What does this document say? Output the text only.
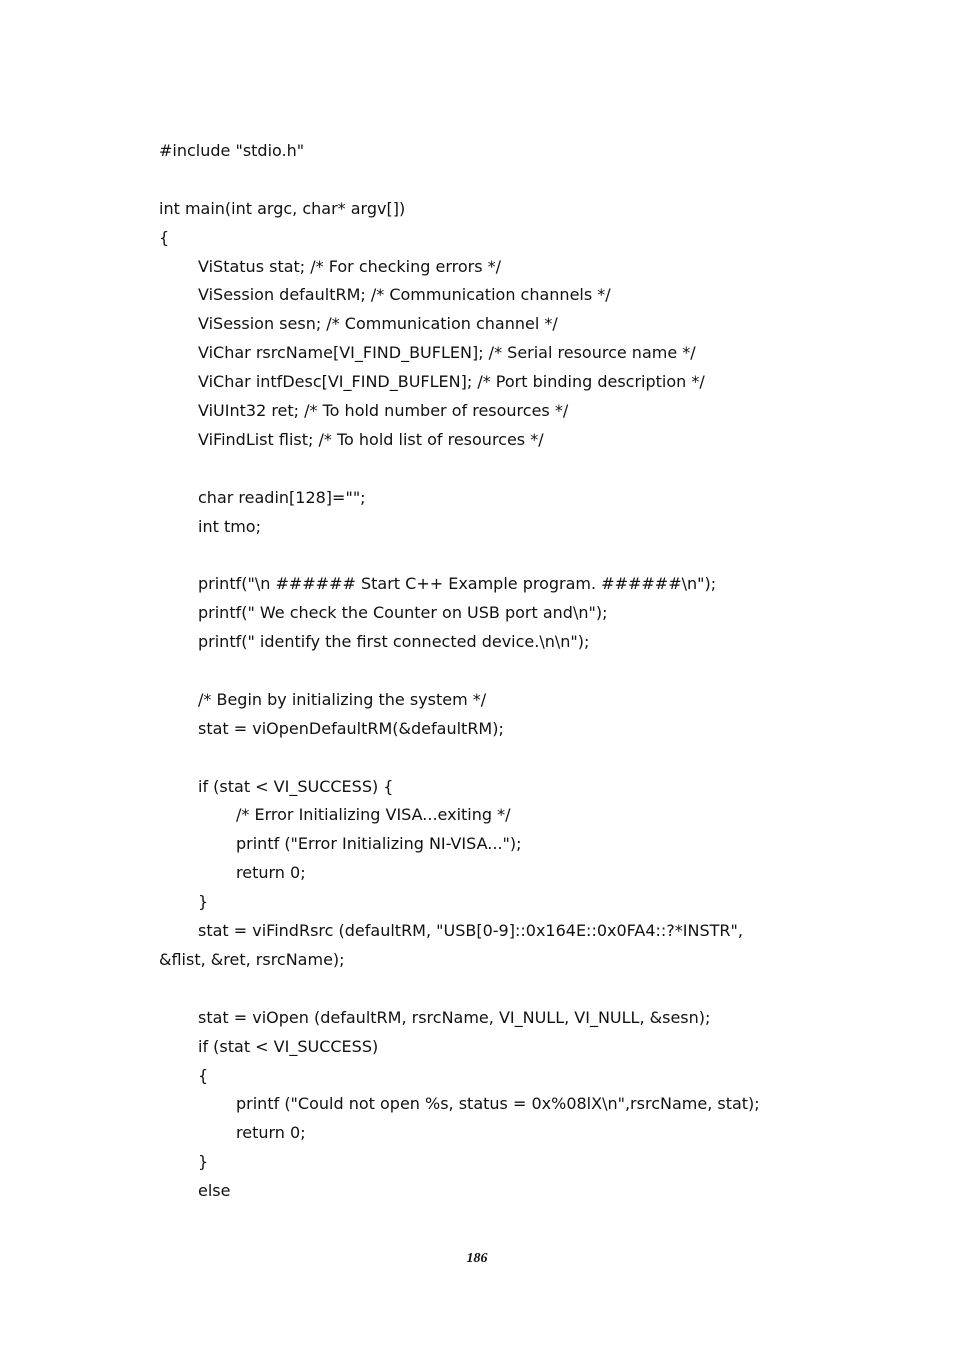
#include "stdio.h"
int main(int argc, char* argv[])
{
ViStatus stat; /* For checking errors */
ViSession defaultRM; /* Communication channels */
ViSession sesn; /* Communication channel */
ViChar rsrcName[VI_FIND_BUFLEN]; /* Serial resource name */
ViChar intfDesc[VI_FIND_BUFLEN]; /* Port binding description */
ViUInt32 ret; /* To hold number of resources */
ViFindList flist; /* To hold list of resources */
char readin[128]="";
int tmo;
printf("\n ###### Start C++ Example program. ######\n");
printf(" We check the Counter on USB port and\n");
printf(" identify the first connected device.\n\n");
/* Begin by initializing the system */
stat = viOpenDefaultRM(&defaultRM);
if (stat < VI_SUCCESS) {
/* Error Initializing VISA...exiting */
printf ("Error Initializing NI-VISA...");
return 0;
}
stat = viFindRsrc (defaultRM, "USB[0-9]::0x164E::0x0FA4::?*INSTR",
&flist, &ret, rsrcName);
stat = viOpen (defaultRM, rsrcName, VI_NULL, VI_NULL, &sesn);
if (stat < VI_SUCCESS)
{
printf ("Could not open %s, status = 0x%08lX\n",rsrcName, stat);
return 0;
}
else
186
